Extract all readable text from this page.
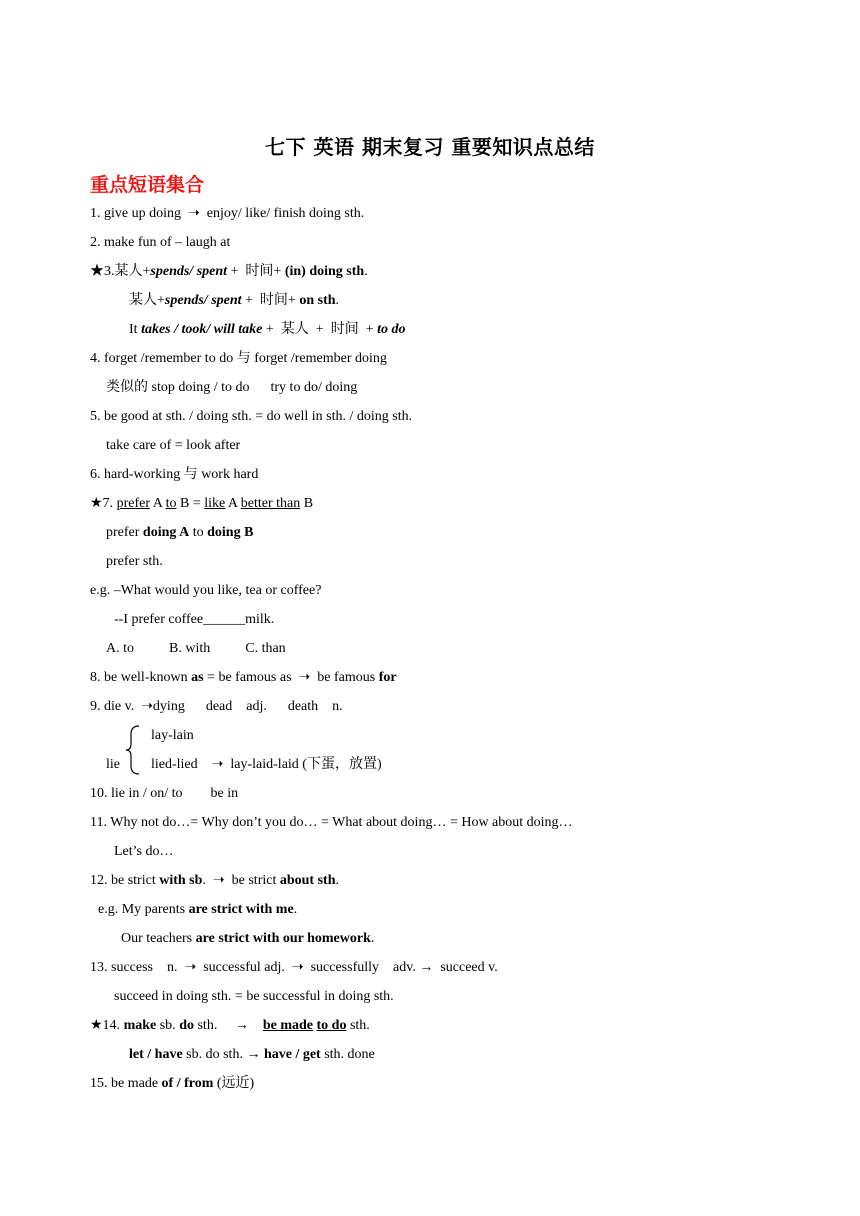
七下 英语 期末复习 重要知识点总结
重点短语集合
1. give up doing  ➝  enjoy/ like/ finish doing sth.
2. make fun of – laugh at
★3.某人+spends/ spent +  时间+ (in) doing sth.
某人+spends/ spent +  时间+ on sth.
It takes / took/ will take +  某人  +  时间  + to do
4. forget /remember to do 与 forget /remember doing
类似的 stop doing / to do      try to do/ doing
5. be good at sth. / doing sth. = do well in sth. / doing sth.
take care of = look after
6. hard-working 与 work hard
★7. prefer A to B = like A better than B
prefer doing A to doing B
prefer sth.
e.g. –What would you like, tea or coffee?
--I prefer coffee______milk.
A. to          B. with          C. than
8. be well-known as = be famous as  ➝  be famous for
9. die v.  ➝dying      dead    adj.      death    n.
lay-lain
lie lied-lied    ➝  lay-laid-laid (下蛋，放置)
10. lie in / on/ to        be in
11. Why not do…= Why don’t you do… = What about doing… = How about doing…
Let’s do…
12. be strict with sb.  ➝  be strict about sth.
e.g. My parents are strict with me.
Our teachers are strict with our homework.
13. success    n.  ➝  successful adj.  ➝  successfully    adv. →  succeed v.
succeed in doing sth. = be successful in doing sth.
★14. make sb. do sth.     →    be made to do sth.
let / have sb. do sth. → have / get sth. done
15. be made of / from (远近)
